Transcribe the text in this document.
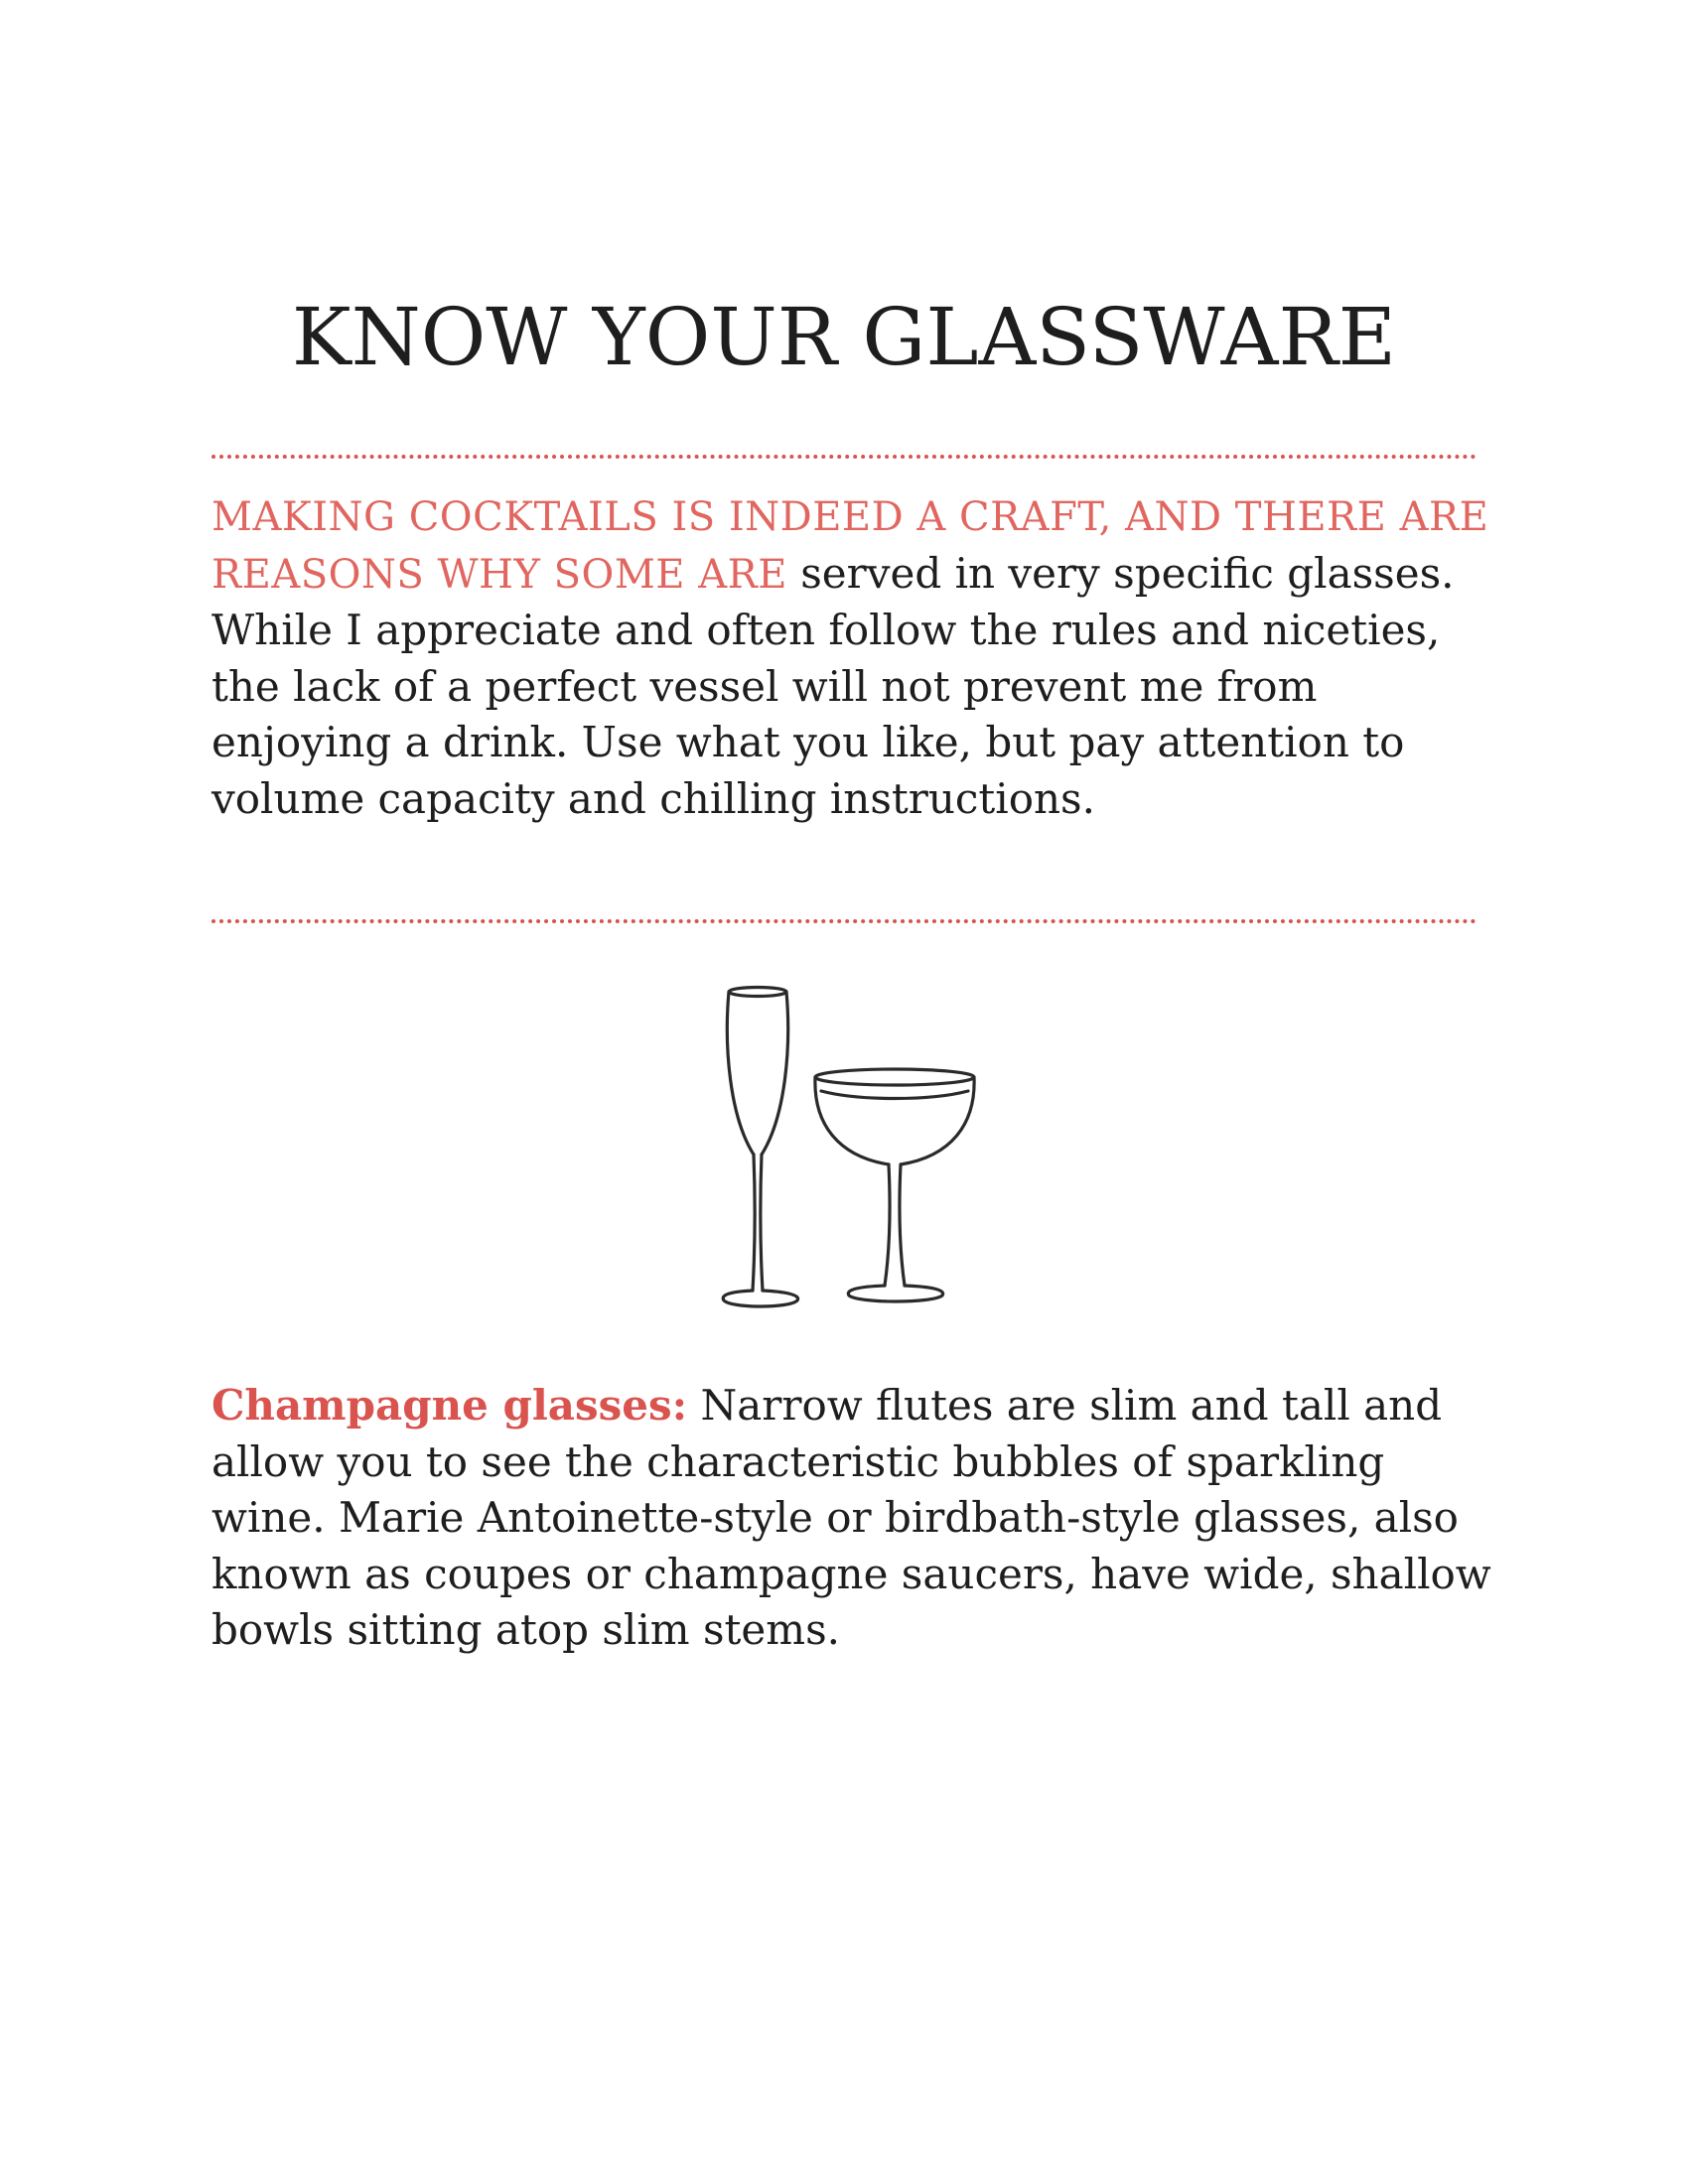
KNOW YOUR GLASSWARE

MAKING COCKTAILS IS INDEED A CRAFT, AND THERE ARE REASONS WHY SOME ARE served in very specific glasses. While I appreciate and often follow the rules and niceties, the lack of a perfect vessel will not prevent me from enjoying a drink. Use what you like, but pay attention to volume capacity and chilling instructions.

Champagne glasses: Narrow flutes are slim and tall and allow you to see the characteristic bubbles of sparkling wine. Marie Antoinette-style or birdbath-style glasses, also known as coupes or champagne saucers, have wide, shallow bowls sitting atop slim stems.
